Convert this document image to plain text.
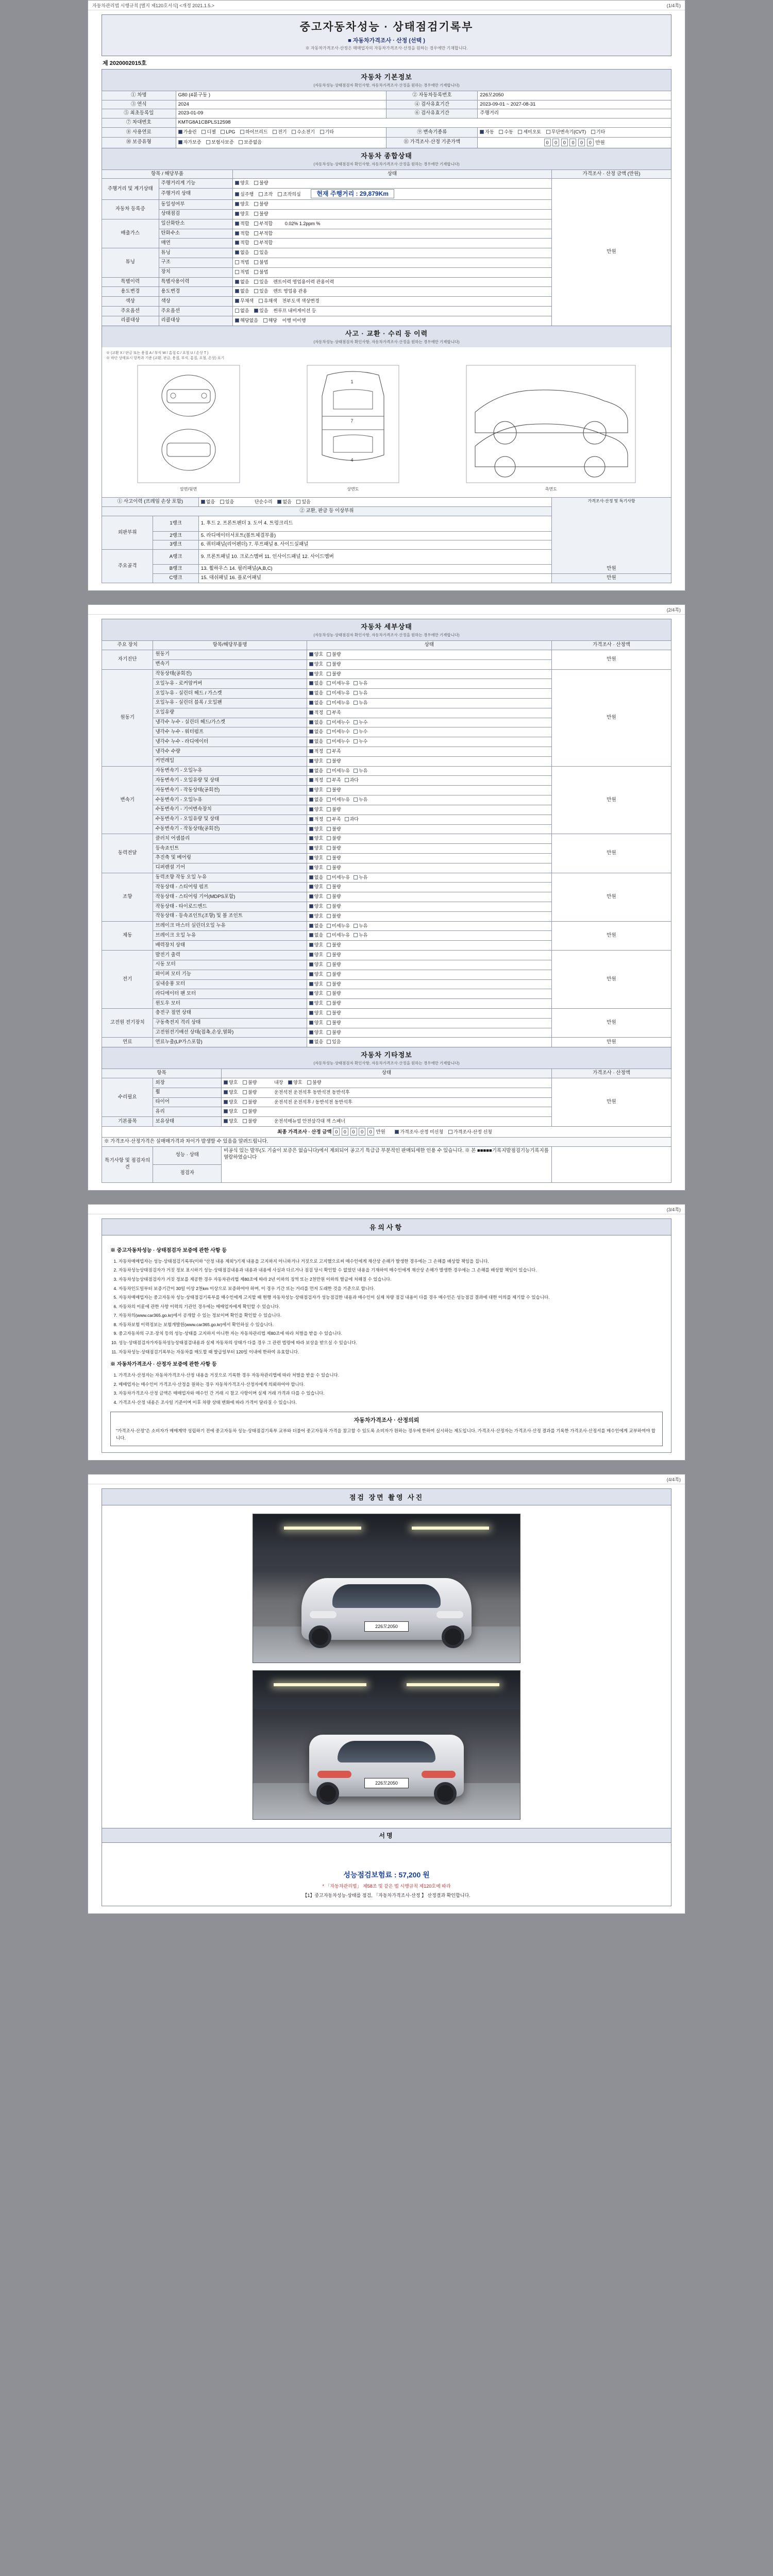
자동차관리법 시행규칙 [별지 제120호서식] <개정 2021.1.5.>	(1/4쪽)
중고자동차성능 · 상태점검기록부
■ 자동차가격조사 · 산정 (선택 )
※ 자동차가격조사·산정은 매매업자의 자동차가격조사·산정을 원하는 경우에만 기재합니다.
제 2020002015호
자동차 기본정보
(자동차성능·상태점검자 확인사항, 자동차가격조사·산정을 원하는 경우에만 기재합니다)
① 차명	G80 (4륜구동 )	② 자동차등록번호	226모2050
③ 연식	2024	④ 검사유효기간	2023-09-01 ~ 2027-08-31
⑤ 최초등록일	2023-01-09	⑥ 검사유효기간	주행거리
⑦ 차대번호	KMTG8A1CBPLS12598		
⑧ 사용연료	가솔린 디젤 LPG 하이브리드 전기 수소전기 기타	⑨ 변속기종류	자동 수동 세미오토 무단변속기(CVT) 기타
⑩ 보증유형	자가보증 보험사보증 보증없음	⑪ 가격조사·산정 기준가액	0 0 0 0 0 0 만원
자동차 종합상태
(자동차성능·상태점검자 확인사항, 자동차가격조사·산정을 원하는 경우에만 기재합니다)
항목 / 해당부품		상태	가격조사 · 산정 금액 (만원)
주행거리 및 계기상태	주행거리계 기능	양호 불량	만원
	주행거리 상태	실주행 조작 조작의심 현재 주행거리 : 29,879Km	
자동차 등록증	동일성여부	양호 불량	
	상태점검	양호 불량	
배출가스	일산화탄소	적합 부적합 0.02% 1.2ppm %	
	탄화수소	적합 부적합	
	매연	적합 부적합	
튜닝	튜닝	없음 있음	
	구조	적법 불법	
	장치	적법 불법	
특별이력	특별사용이력	없음 있음 렌트이력 영업용이력 관용이력	
용도변경	용도변경	없음 있음 렌트 영업용 관용	
색상	색상	무채색 유채색 전부도색 색상변경	
주요옵션	주요옵션	없음 있음 썬루프 내비게이션 등	
리콜대상	리콜대상	해당없음 해당 이행 미이행	
사고 · 교환 · 수리 등 이력
(자동차성능·상태점검자 확인사항, 자동차가격조사·산정을 원하는 경우에만 기재합니다)
※ (교환 X / 판금 또는 용접 A / 부식 W / 흠집 C / 요철 U / 손상 T )
※ 하단 상태표시 항목과 기준 (교환, 판금, 용접, 부식, 흠집, 요철, 손상) 표기
앞면/뒷면
1
7
4
상면도	측면도
① 사고이력 (프레임 손상 포함)		없음 있음 단순수리 없음 있음	가격조사·산정 및 특기사항
만원

② 교환, 판금 등 이상부위			
외판부위	1랭크	1. 후드 2. 프론트펜더 3. 도어 4. 트렁크리드	
	2랭크	5. 라디에이터서포트(볼트체결부품)	
	3랭크	6. 쿼터패널(리어펜더) 7. 루프패널 8. 사이드실패널	
주요골격	A랭크	9. 프론트패널 10. 크로스멤버 11. 인사이드패널 12. 사이드멤버	
	B랭크	13. 휠하우스 14. 필러패널(A,B,C)	
	C랭크	15. 대쉬패널 16. 플로어패널	만원
(2/4쪽)
자동차 세부상태
(자동차성능·상태점검자 확인사항, 자동차가격조사·산정을 원하는 경우에만 기재합니다)
주요 장치	항목/해당부품명	상태	가격조사 · 산정액
자기진단	원동기	양호 불량	만원
	변속기	양호 불량	
원동기	작동상태(공회전)	양호 불량	만원
	오일누유 - 로커암커버	없음 미세누유 누유	
	오일누유 - 실린더 헤드 / 가스켓	없음 미세누유 누유	
	오일누유 - 실린더 블록 / 오일팬	없음 미세누유 누유	
	오일유량	적정 부족	
	냉각수 누수 - 실린더 헤드/가스켓	없음 미세누수 누수	
	냉각수 누수 - 워터펌프	없음 미세누수 누수	
	냉각수 누수 - 라디에이터	없음 미세누수 누수	
	냉각수 수량	적정 부족	
	커먼레일	양호 불량	
변속기	자동변속기 - 오일누유	없음 미세누유 누유	만원
	자동변속기 - 오일유량 및 상태	적정 부족 과다	
	자동변속기 - 작동상태(공회전)	양호 불량	
	수동변속기 - 오일누유	없음 미세누유 누유	
	수동변속기 - 기어변속장치	양호 불량	
	수동변속기 - 오일유량 및 상태	적정 부족 과다	
	수동변속기 - 작동상태(공회전)	양호 불량	
동력전달	클러치 어셈블리	양호 불량	만원
	등속죠인트	양호 불량	
	추진축 및 베어링	양호 불량	
	디퍼렌셜 기어	양호 불량	
조향	동력조향 작동 오일 누유	없음 미세누유 누유	만원
	작동상태 - 스티어링 펌프	양호 불량	
	작동상태 - 스티어링 기어(MDPS포함)	양호 불량	
	작동상태 - 타이로드엔드	양호 불량	
	작동상태 - 등속죠인트(조향) 및 볼 조인트	양호 불량	
제동	브레이크 마스터 실린더오일 누유	없음 미세누유 누유	만원
	브레이크 오일 누유	없음 미세누유 누유	
	배력장치 상태	양호 불량	
전기	발전기 출력	양호 불량	만원
	시동 모터	양호 불량	
	와이퍼 모터 기능	양호 불량	
	실내송풍 모터	양호 불량	
	라디에이터 팬 모터	양호 불량	
	윈도우 모터	양호 불량	
고전원 전기장치	충전구 절연 상태	양호 불량	만원
	구동축전지 격리 상태	양호 불량	
	고전원전기배선 상태(접촉,손상,열화)	양호 불량	
연료	연료누출(LP가스포함)	없음 있음	만원
자동차 기타정보
(자동차성능·상태점검자 확인사항, 자동차가격조사·산정을 원하는 경우에만 기재합니다)
항목		상태	가격조사 · 산정액
수리필요	외장	양호 불량 내장 양호 불량	만원
	휠	양호 불량 운전석전 운전석후 동반석전 동반석후	
	타이어	양호 불량 운전석전 운전석후 / 동반석전 동반석후	
	유리	양호 불량	
기본품목	보유상태	양호 불량 운전석매뉴얼 안전삼각대 잭 스패너	
최종 가격조사 · 산정 금액 0 0 0 0 0 만원 가격조사·산정 미신청 가격조사·산정 신청			
※ 가격조사·산정가격은 실매매가격과 차이가 발생할 수 있음을 알려드립니다.			
특기사항 및 점검자의견	성능 · 상태	비공식 있는 발부(도 기술이 보증은 없습니다)에서 제외되어 공고기 특급급 부분적인 판매되세한 인용 수 있습니다. ※ 본 ■■■■■기록지발점검기능기록지를열람하였습니다	
	점검자		
(3/4쪽)
유의사항
※ 중고자동차성능 · 상태점검자 보증에 관한 사항 등
1. 자동차매매업자는 성능·상태점검기록부(이하 "산정 내용 제외")기재 내용을 고지하지 아니하거나 거짓으로 고지했으로써 매수인에게 재산상 손해가 발생한 경우에는 그 손해를 배상할 책임을 집니다.
2. 자동차성능상태점검자가 거짓 정보 표시하기 성능·상태점검내용과 내용과 내용에 사실과 다르거나 점검 당시 확인할 수 없었던 내용을 기재하여 매수인에게 재산상 손해가 발생한 경우에는 그 손해를 배상할 책임이 있습니다.
3. 자동차성능상태점검자가 거짓 정보를 제공한 경우 자동차관리법 제80조에 따라 2년 이하의 징역 또는 2천만원 이하의 벌금에 처해질 수 있습니다.
4. 자동차인도일부터 보증기간이 30일 이상 2천km 이상으로 보증하여야 하며, 이 경우 기간 또는 거리를 먼저 도래한 것을 기준으로 합니다.
5. 자동차매매업자는 중고자동차 성능·상태점검기록부를 매수인에게 고지할 때 현행 자동차성능·상태점검자가 성능점검한 내용과 매수인이 실제 차량 점검 내용이 다를 경우 매수인은 성능점검 결과에 대한 이의를 제기할 수 있습니다.
6. 자동차의 이륜에 관한 사항 이력의 기관인 경우에는 매매업자에게 확인할 수 있습니다.
7. 자동차의(www.car365.go.kr)에서 공개할 수 있는 정보이며 확인을 확인할 수 있습니다.
8. 자동차보험 이력정보는 보험개발원(www.car365.go.kr)에서 확인하실 수 있습니다.
9. 중고자동차의 구조·장치 등의 성능·상태를 고지하지 아니한 자는 자동차관리법 제80조에 따라 처벌을 받을 수 있습니다.
10. 성능·상태점검자가자동차성능상태점검내용과 실제 자동차의 상태가 다를 경우 그 관련 법령에 따라 보상을 받으실 수 있습니다.
11. 자동차성능·상태점검기록부는 자동차를 매도할 때 발급일부터 120일 이내에 한하여 유효합니다.
※ 자동차가격조사 · 산정자 보증에 관한 사항 등
1. 가격조사·산정자는 자동차가격조사·산정 내용을 거짓으로 기록한 경우 자동차관리법에 따라 처벌을 받을 수 있습니다.
2. 매매업자는 매수인이 가격조사·산정을 원하는 경우 자동차가격조사·산정자에게 의뢰하여야 합니다.
3. 자동차가격조사·산정 금액은 매매업자와 매수인 간 거래 시 참고 사항이며 실제 거래 가격과 다를 수 있습니다.
4. 가격조사·산정 내용은 조사일 기준이며 이후 차량 상태 변화에 따라 가격이 달라질 수 있습니다.
자동차가격조사 · 산정의뢰
"가격조사·산정"은 소비자가 매매계약 성립하기 전에 중고자동차 성능·상태점검기록부 교부와 더불어 중고자동차 가격을 참고할 수 있도록 소비자가 원하는 경우에 한하여 실시하는 제도입니다. 가격조사·산정자는 가격조사·산정 결과를 기록한 가격조사·산정서를 매수인에게 교부하여야 합니다.
(4/4쪽)
점검 장면 촬영 사진
226모2050
226모2050
서명
성능점검보험료 : 57,200 원
* 「자동차관리법」 제58조 및 같은 법 시행규칙 제120호에 따라
【1】중고자동차성능·상태를 점검, 「자동차가격조사·산정 】 산정결과 확인합니다.
